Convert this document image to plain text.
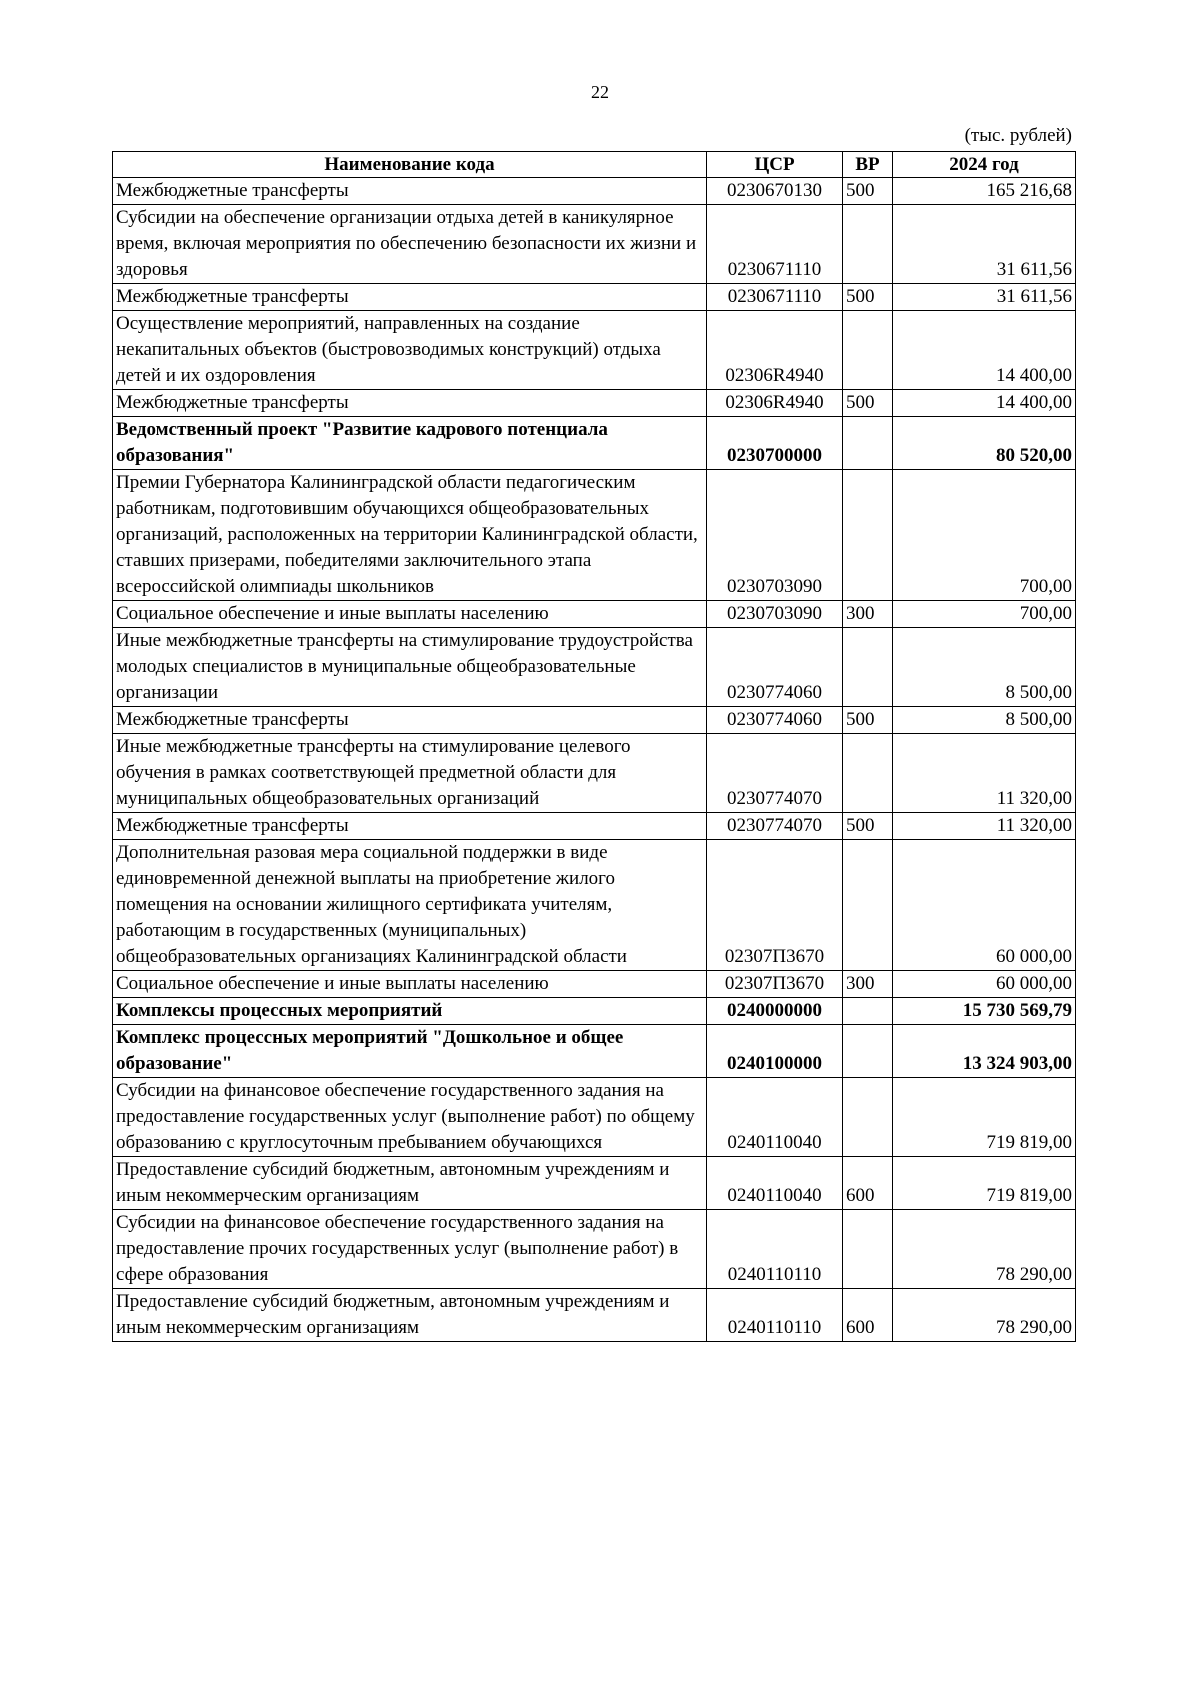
22
(тыс. рублей)
Наименование кода	ЦСР	ВР	2024 год
Межбюджетные трансферты	0230670130	500	165 216,68
Субсидии на обеспечение организации отдыха детей в каникулярное время, включая мероприятия по обеспечению безопасности их жизни и здоровья	0230671110		31 611,56
Межбюджетные трансферты	0230671110	500	31 611,56
Осуществление мероприятий, направленных на создание некапитальных объектов (быстровозводимых конструкций) отдыха детей и их оздоровления	02306R4940		14 400,00
Межбюджетные трансферты	02306R4940	500	14 400,00
Ведомственный проект "Развитие кадрового потенциала образования"	0230700000		80 520,00
Премии Губернатора Калининградской области педагогическим работникам, подготовившим обучающихся общеобразовательных организаций, расположенных на территории Калининградской области, ставших призерами, победителями заключительного этапа всероссийской олимпиады школьников	0230703090		700,00
Социальное обеспечение и иные выплаты населению	0230703090	300	700,00
Иные межбюджетные трансферты на стимулирование трудоустройства молодых специалистов в муниципальные общеобразовательные организации	0230774060		8 500,00
Межбюджетные трансферты	0230774060	500	8 500,00
Иные межбюджетные трансферты на стимулирование целевого обучения в рамках соответствующей предметной области для муниципальных общеобразовательных организаций	0230774070		11 320,00
Межбюджетные трансферты	0230774070	500	11 320,00
Дополнительная разовая мера социальной поддержки в виде единовременной денежной выплаты на приобретение жилого помещения на основании жилищного сертификата учителям, работающим в государственных (муниципальных) общеобразовательных организациях Калининградской области	02307П3670		60 000,00
Социальное обеспечение и иные выплаты населению	02307П3670	300	60 000,00
Комплексы процессных мероприятий	0240000000		15 730 569,79
Комплекс процессных мероприятий "Дошкольное и общее образование"	0240100000		13 324 903,00
Субсидии на финансовое обеспечение государственного задания на предоставление государственных услуг (выполнение работ) по общему образованию с круглосуточным пребыванием обучающихся	0240110040		719 819,00
Предоставление субсидий бюджетным, автономным учреждениям и иным некоммерческим организациям	0240110040	600	719 819,00
Субсидии на финансовое обеспечение государственного задания на предоставление прочих государственных услуг (выполнение работ) в сфере образования	0240110110		78 290,00
Предоставление субсидий бюджетным, автономным учреждениям и иным некоммерческим организациям	0240110110	600	78 290,00
